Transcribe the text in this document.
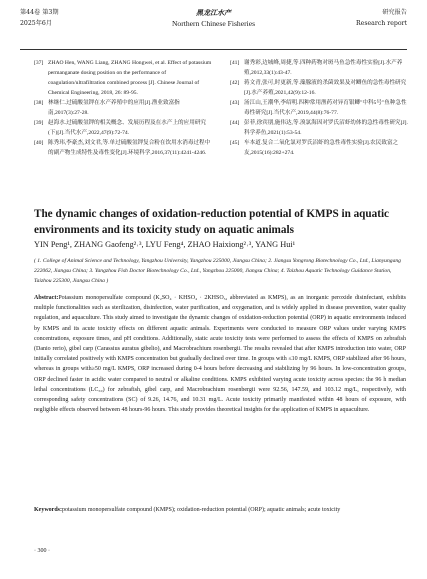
第44卷 第3期
2025年6月
黑龙江水产
Northern Chinese Fisheries
研究报告
Research report
[37] ZHAO Hen, WANG Liang, ZHANG Hongwei, et al. Effect of potassium permanganate dosing position on the performance of coagulation/ultrafiltration combined process [J]. Chinese Journal of Chemical Engineering, 2018, 26: 89-95.
[38] 林继仁.过硫酸氢钾在水产养殖中的应用[J].渔业致富指南,2017(3):27-28.
[39] 赵海水.过硫酸氢钾的相关概念、发展历程及在水产上的应用研究(下)[J].当代水产,2022,47(9):72-74.
[40] 陈秀玮,李豪杰,刘文君,等.单过硫酸氢钾复合粉在饮用水消毒过程中的副产物生成特性及毒性变化[J].环境科学,2016,37(11):4241-4246.
[41] 谢秀彩,边城峰,周捷,等.四种药物对斑马鱼急性毒性实验[J].水产养殖,2012,33(1):43-47.
[42] 蒋文青,张可,时更新,等.藻腺液的杀菌效果及对鲫鱼的急性毒性研究[J].水产养殖,2021,42(9):12-16.
[43] 汤江山,王潮华,李绍明.四种常用渔药对异育银鲫"中科5号"鱼种急性毒性研究[J].当代水产,2019,44(8):76-77.
[44] 彭菲,徐宾朋,施伟达,等.溴氯海因对罗氏沼虾幼体的急性毒性研究[J].科学养鱼,2021(1):53-54.
[45] 车本道.复合二氧化氯对罗氏沼虾的急性毒性实验[J].农民致富之友,2015(16):282+274.
The dynamic changes of oxidation-reduction potential of KMPS in aquatic environments and its toxicity study on aquatic animals
YIN Peng¹, ZHANG Gaofeng²˒³, LYU Feng⁴, ZHAO Haixiong²˒³, YANG Hui¹
( 1. College of Animal Science and Technology, Yangzhou University, Yangzhou 225000, Jiangsu China; 2. Jiangsu Yongrong Biotechnology Co., Ltd., Lianyungang 222062, Jiangsu China; 3. Yangzhou Fish Doctor Biotechnology Co., Ltd., Yangzhou 225000, Jiangsu China; 4. Taizhou Aquatic Technology Guidance Station, Taizhou 225300, Jiangsu China )
Abstract:Potassium monopersulfate compound (K₂SO₄ · KHSO₄ · 2KHSO₅, abbreviated as KMPS), as an inorganic peroxide disinfectant, exhibits multiple functionalities such as sterilization, disinfection, water purification, and oxygenation, and is widely applied in disease prevention, water quality regulation, and aquaculture. This study aimed to investigate the dynamic changes of oxidation-reduction potential (ORP) in aquatic environments induced by KMPS and its acute toxicity effects on different aquatic animals. Experiments were conducted to measure ORP values under varying KMPS concentrations, exposure times, and pH conditions. Additionally, static acute toxicity tests were performed to assess the effects of KMPS on zebrafish (Danio rerio), gibel carp (Carassius auratus gibelio), and Macrobrachium rosenbergii. The results revealed that after KMPS introduction into water, ORP initially correlated positively with KMPS concentration but gradually declined over time. In groups with ≤10 mg/L KMPS, ORP stabilized after 96 hours, whereas in groups with≥50 mg/L KMPS, ORP increased during 0-4 hours before decreasing and stabilizing by 96 hours. In low-concentration groups, ORP declined faster in acidic water compared to neutral or alkaline conditions. KMPS exhibited varying acute toxicity across species: the 96 h median lethal concentrations (LC₅₀) for zebrafish, gibel carp, and Macrobrachium rosenbergii were 92.56, 147.59, and 103.12 mg/L, respectively, with corresponding safety concentrations (SC) of 9.26, 14.76, and 10.31 mg/L. Acute toxicity primarily manifested within 48 hours of exposure, with negligible effects observed between 48 hours-96 hours. This study provides theoretical insights for the application of KMPS in aquaculture.
Keywords:potassium monopersulfate compound (KMPS); oxidation-reduction potential (ORP); aquatic animals; acute toxicity
· 300 ·
